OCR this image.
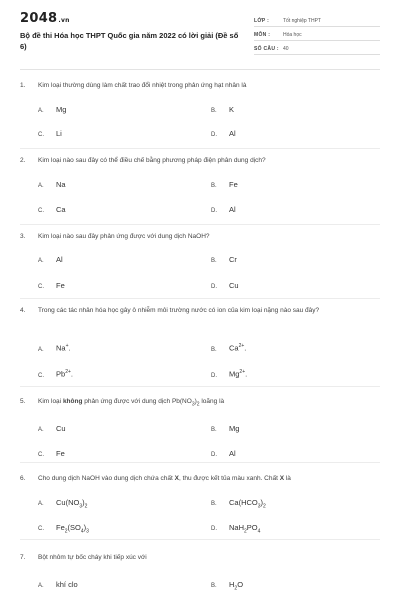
2048.vn
Bộ đề thi Hóa học THPT Quốc gia năm 2022 có lời giải (Đề số 6)
LỚP :	Tốt nghiệp THPT
MÔN :	Hóa học
SỐ CÂU : 40
1.	Kim loại thường dùng làm chất trao đổi nhiệt trong phản ứng hạt nhân là
A.	Mg	B.	K
C.	Li	D.	Al
2.	Kim loại nào sau đây có thể điều chế bằng phương pháp điện phân dung dịch?
A.	Na	B.	Fe
C.	Ca	D.	Al
3.	Kim loại nào sau đây phản ứng được với dung dịch NaOH?
A.	Al	B.	Cr
C.	Fe	D.	Cu
4.	Trong các tác nhân hóa học gây ô nhiễm môi trường nước có ion của kim loại nặng nào sau đây?
A.	Na+.	B.	$Ca^{2+}$.
C.	$Pb^{2+}$.	D.	$Mg^{2+}$.
5.	Kim loại không phản ứng được với dung dịch $Pb(NO_3)_2$ loãng là
A.	Cu	B.	Mg
C.	Fe	D.	Al
6.	Cho dung dịch NaOH vào dung dịch chứa chất X, thu được kết tủa màu xanh. Chất X là
A.	$Cu(NO_3)_2$	B.	$Ca(HCO_3)_2$
C.	$Fe_2(SO_4)_3$	D.	$NaH_2PO_4$
7.	Bột nhôm tự bốc cháy khi tiếp xúc với
A.	khí clo	B.	$H_2O$
